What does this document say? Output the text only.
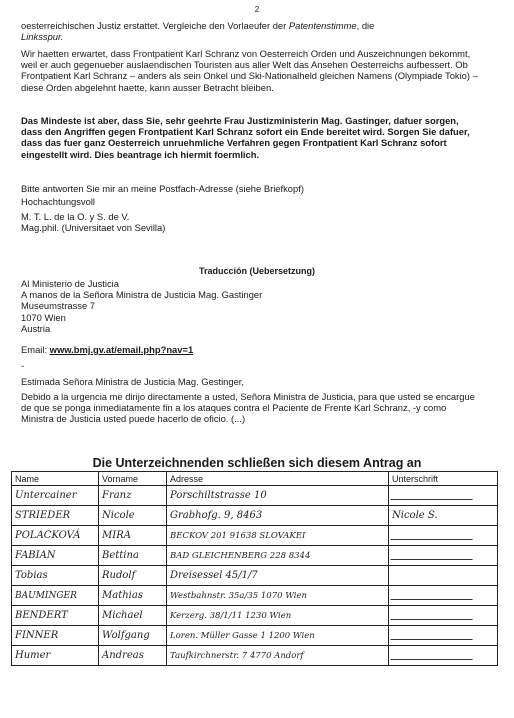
2

oesterreichischen Justiz erstattet. Vergleiche den Vorlaeufer der Patentenstimme, die

Linksspur.

Wir haetten erwartet, dass Frontpatient Karl Schranz von Oesterreich Orden und Auszeichnungen bekommt, weil er auch gegenueber auslaendischen Touristen aus aller Welt das Ansehen Oesterreichs aufbessert. Ob Frontpatient Karl Schranz – anders als sein Onkel und Ski-Nationalheld gleichen Namens (Olympiade Tokio) – diese Orden abgelehnt haette, kann ausser Betracht bleiben.
Das Mindeste ist aber, dass Sie, sehr geehrte Frau Justizministerin Mag. Gastinger, dafuer sorgen, dass den Angriffen gegen Frontpatient Karl Schranz sofort ein Ende bereitet wird. Sorgen Sie dafuer, dass das fuer ganz Oesterreich unruehmliche Verfahren gegen Frontpatient Karl Schranz sofort eingestellt wird. Dies beantrage ich hiermit foermlich.
Bitte antworten Sie mir an meine Postfach-Adresse (siehe Briefkopf)
Hochachtungsvoll
M. T. L. de la O. y S. de V.
Mag.phil. (Universitaet von Sevilla)
Traducción (Uebersetzung)

Al Ministerio de Justicia

A manos de la Señora Ministra de Justicia Mag. Gastinger

Museumstrasse 7

1070 Wien

Austria

Email: www.bmj.gv.at/email.php?nav=1
-
Estimada Señora Ministra de Justicia Mag. Gestinger,
Debido a la urgencia me dirijo directamente a usted, Señora Ministra de Justicia, para que usted se encargue de que se ponga inmediatamente fin a los ataques contra el Paciente de Frente Karl Schranz, -y como Ministra de Justicia usted puede hacerlo de oficio. (...)
Die Unterzeichnenden schließen sich diesem Antrag an
Name	Vorname	Adresse	Unterschrift
Untercainer	Franz	Porschiltstrasse 10	

STRIEDER	Nicole	Grabhofg. 9, 8463	Nicole S.
POLACKOVÁ	MIRA	BECKOV 201 91638 SLOVAKEI	

FABIAN	Bettina	BAD GLEICHENBERG 228 8344	

Tobias	Rudolf	Dreisessel 45/1/7	
BAUMINGER	Mathias	Westbahnstr. 35a/35 1070 Wien	

BENDERT	Michael	Kerzerg. 38/1/11 1230 Wien	

FINNER	Wolfgang	Loren. Müller Gasse 1 1200 Wien	

Humer	Andreas	Taufkirchnerstr. 7 4770 Andorf	
